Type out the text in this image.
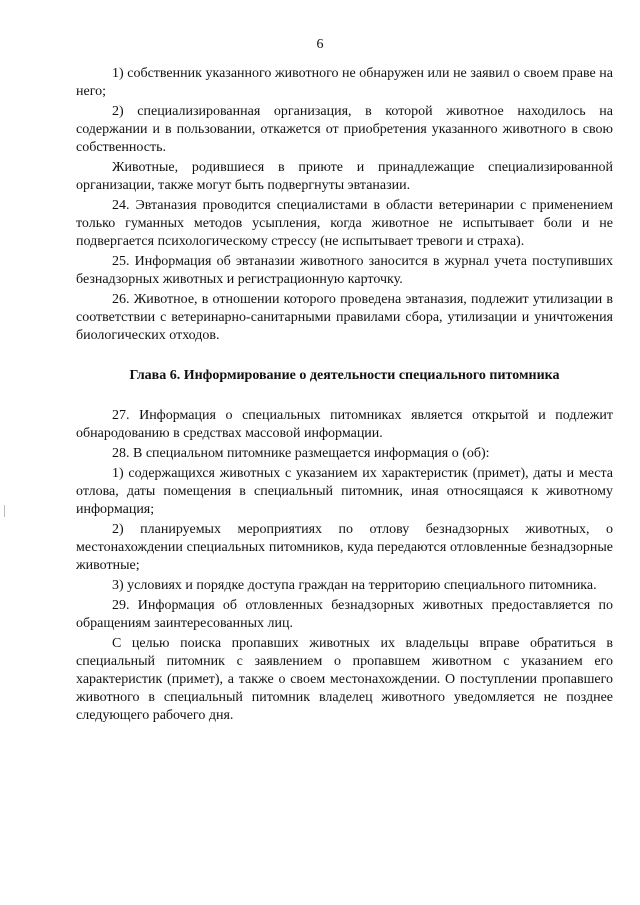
6

1) собственник указанного животного не обнаружен или не заявил о своем праве на него;

2) специализированная организация, в которой животное находилось на содержании и в пользовании, откажется от приобретения указанного животного в свою собственность.

Животные, родившиеся в приюте и принадлежащие специализированной организации, также могут быть подвергнуты эвтаназии.

24. Эвтаназия проводится специалистами в области ветеринарии с применением только гуманных методов усыпления, когда животное не испытывает боли и не подвергается психологическому стрессу (не испытывает тревоги и страха).

25. Информация об эвтаназии животного заносится в журнал учета поступивших безнадзорных животных и регистрационную карточку.

26. Животное, в отношении которого проведена эвтаназия, подлежит утилизации в соответствии с ветеринарно-санитарными правилами сбора, утилизации и уничтожения биологических отходов.

Глава 6. Информирование о деятельности специального питомника

27. Информация о специальных питомниках является открытой и подлежит обнародованию в средствах массовой информации.

28. В специальном питомнике размещается информация о (об):

1) содержащихся животных с указанием их характеристик (примет), даты и места отлова, даты помещения в специальный питомник, иная относящаяся к животному информация;

2) планируемых мероприятиях по отлову безнадзорных животных, о местонахождении специальных питомников, куда передаются отловленные безнадзорные животные;

3) условиях и порядке доступа граждан на территорию специального питомника.

29. Информация об отловленных безнадзорных животных предоставляется по обращениям заинтересованных лиц.

С целью поиска пропавших животных их владельцы вправе обратиться в специальный питомник с заявлением о пропавшем животном с указанием его характеристик (примет), а также о своем местонахождении. О поступлении пропавшего животного в специальный питомник владелец животного уведомляется не позднее следующего рабочего дня.
